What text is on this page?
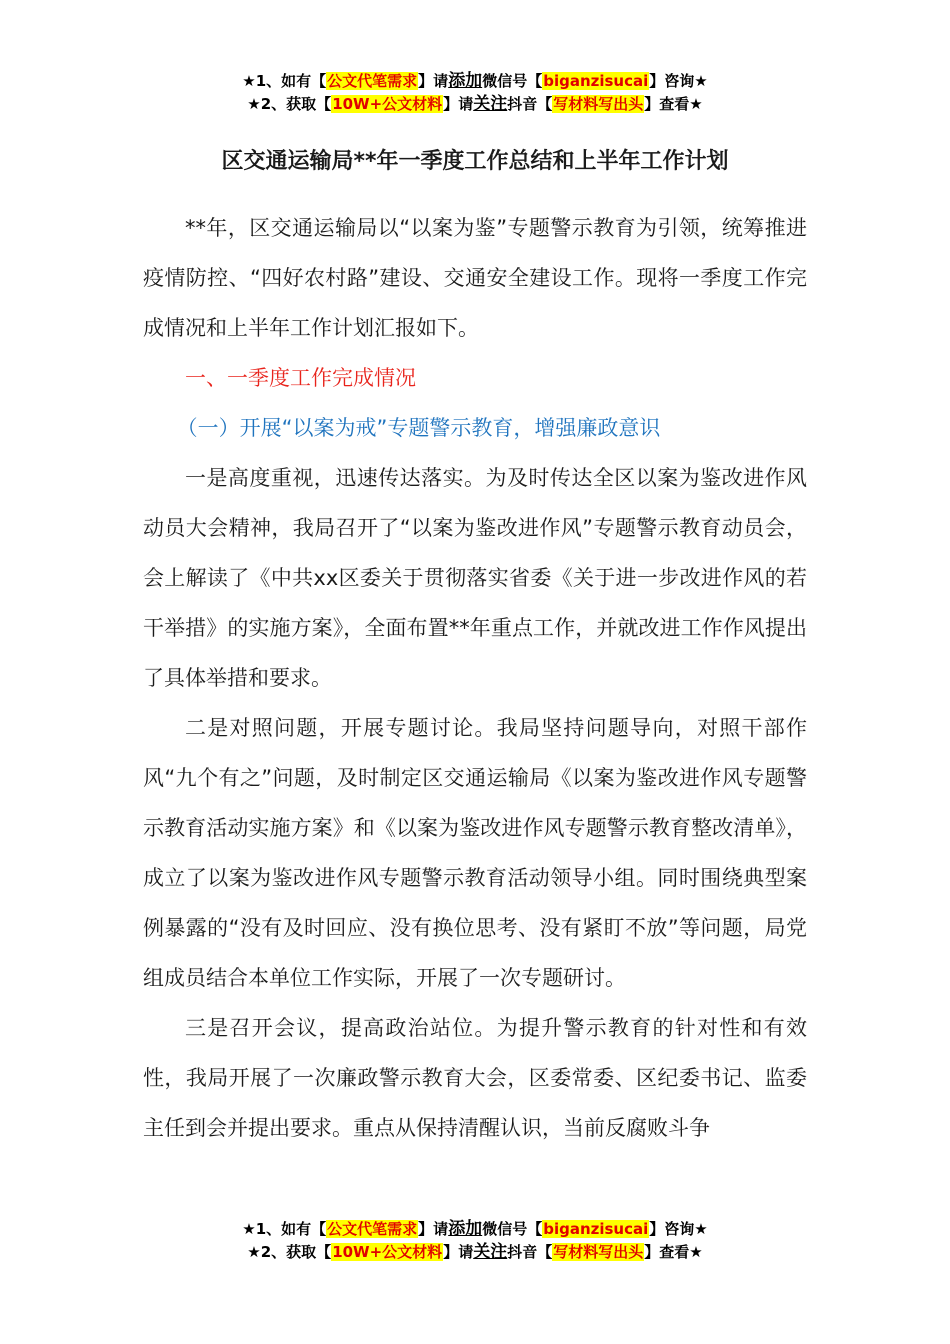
★1、如有【公文代笔需求】请添加微信号【biganzisucai】咨询★
★2、获取【10W+公文材料】请关注抖音【写材料写出头】查看★
区交通运输局**年一季度工作总结和上半年工作计划

**年，区交通运输局以“以案为鉴”专题警示教育为引领，统筹推进疫情防控、“四好农村路”建设、交通安全建设工作。现将一季度工作完成情况和上半年工作计划汇报如下。

一、一季度工作完成情况

（一）开展“以案为戒”专题警示教育，增强廉政意识

一是高度重视，迅速传达落实。为及时传达全区以案为鉴改进作风动员大会精神，我局召开了“以案为鉴改进作风”专题警示教育动员会，会上解读了《中共xx区委关于贯彻落实省委《关于进一步改进作风的若干举措》的实施方案》，全面布置**年重点工作，并就改进工作作风提出了具体举措和要求。

二是对照问题，开展专题讨论。我局坚持问题导向，对照干部作风“九个有之”问题，及时制定区交通运输局《以案为鉴改进作风专题警示教育活动实施方案》和《以案为鉴改进作风专题警示教育整改清单》，成立了以案为鉴改进作风专题警示教育活动领导小组。同时围绕典型案例暴露的“没有及时回应、没有换位思考、没有紧盯不放”等问题，局党组成员结合本单位工作实际，开展了一次专题研讨。

三是召开会议，提高政治站位。为提升警示教育的针对性和有效性，我局开展了一次廉政警示教育大会，区委常委、区纪委书记、监委主任到会并提出要求。重点从保持清醒认识，当前反腐败斗争

★1、如有【公文代笔需求】请添加微信号【biganzisucai】咨询★
★2、获取【10W+公文材料】请关注抖音【写材料写出头】查看★
